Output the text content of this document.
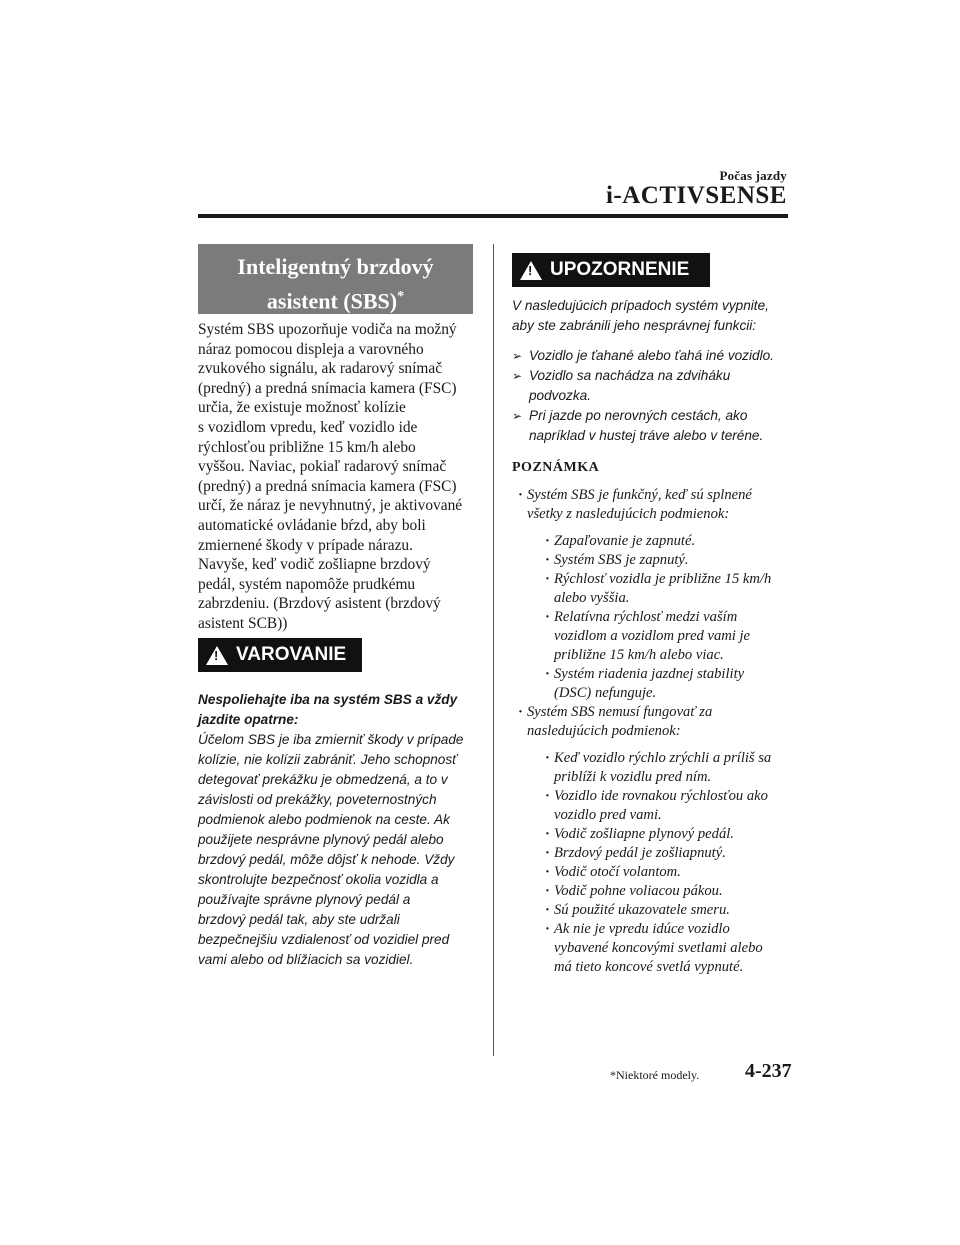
Počas jazdy
i-ACTIVSENSE
Inteligentný brzdový
asistent (SBS)*
Systém SBS upozorňuje vodiča na možný
náraz pomocou displeja a varovného
zvukového signálu, ak radarový snímač
(predný) a predná snímacia kamera (FSC)
určia, že existuje možnosť kolízie
s vozidlom vpredu, keď vozidlo ide
rýchlosťou približne 15 km/h alebo
vyššou. Naviac, pokiaľ radarový snímač
(predný) a predná snímacia kamera (FSC)
určí, že náraz je nevyhnutný, je aktivované
automatické ovládanie bŕzd, aby boli
zmiernené škody v prípade nárazu.
Navyše, keď vodič zošliapne brzdový
pedál, systém napomôže prudkému
zabrzdeniu. (Brzdový asistent (brzdový
asistent SCB))
!
VAROVANIE
Nespoliehajte iba na systém SBS a vždy
jazdite opatrne:
Účelom SBS je iba zmierniť škody v prípade
kolízie, nie kolízii zabrániť. Jeho schopnosť
detegovať prekážku je obmedzená, a to v
závislosti od prekážky, poveternostných
podmienok alebo podmienok na ceste. Ak
použijete nesprávne plynový pedál alebo
brzdový pedál, môže dôjsť k nehode. Vždy
skontrolujte bezpečnosť okolia vozidla a
používajte správne plynový pedál a
brzdový pedál tak, aby ste udržali
bezpečnejšiu vzdialenosť od vozidiel pred
vami alebo od blížiacich sa vozidiel.
!
UPOZORNENIE
V nasledujúcich prípadoch systém vypnite,
aby ste zabránili jeho nesprávnej funkcii:
➢ Vozidlo je ťahané alebo ťahá iné vozidlo.
➢ Vozidlo sa nachádza na zdviháku
podvozka.
➢ Pri jazde po nerovných cestách, ako
napríklad v hustej tráve alebo v teréne.
POZNÁMKA
· Systém SBS je funkčný, keď sú splnené
všetky z nasledujúcich podmienok:
· Zapaľovanie je zapnuté.
· Systém SBS je zapnutý.
· Rýchlosť vozidla je približne 15 km/h
alebo vyššia.
· Relatívna rýchlosť medzi vaším
vozidlom a vozidlom pred vami je
približne 15 km/h alebo viac.
· Systém riadenia jazdnej stability
(DSC) nefunguje.
· Systém SBS nemusí fungovať za
nasledujúcich podmienok:
· Keď vozidlo rýchlo zrýchli a príliš sa
priblíži k vozidlu pred ním.
· Vozidlo ide rovnakou rýchlosťou ako
vozidlo pred vami.
· Vodič zošliapne plynový pedál.
· Brzdový pedál je zošliapnutý.
· Vodič otočí volantom.
· Vodič pohne voliacou pákou.
· Sú použité ukazovatele smeru.
· Ak nie je vpredu idúce vozidlo
vybavené koncovými svetlami alebo
má tieto koncové svetlá vypnuté.
*Niektoré modely. 4-237
